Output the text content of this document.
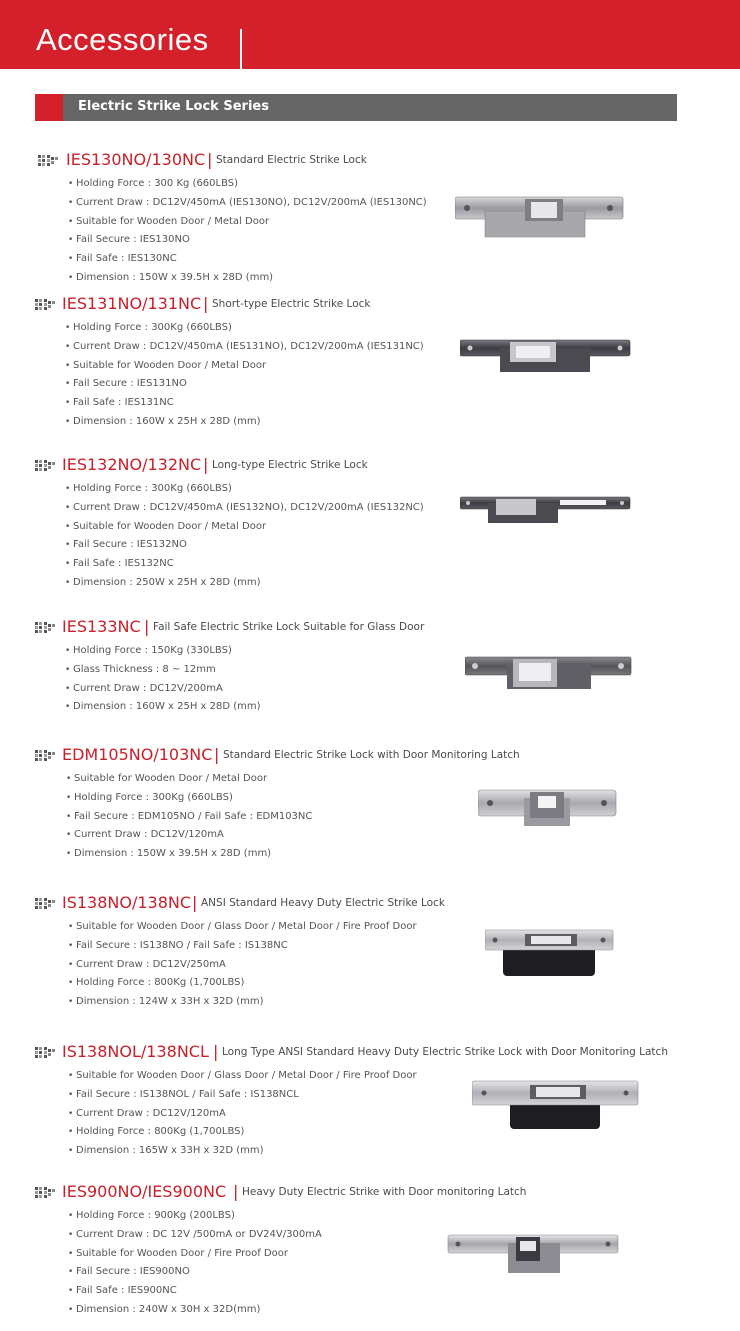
Accessories
Electric Strike Lock Series
IES130NO/130NC | Standard Electric Strike Lock
• Holding Force : 300 Kg (660LBS)
• Current Draw : DC12V/450mA (IES130NO), DC12V/200mA (IES130NC)
• Suitable for Wooden Door / Metal Door
• Fail Secure : IES130NO
• Fail Safe : IES130NC
• Dimension : 150W x 39.5H x 28D (mm)
IES131NO/131NC | Short-type Electric Strike Lock
• Holding Force : 300Kg (660LBS)
• Current Draw : DC12V/450mA (IES131NO), DC12V/200mA (IES131NC)
• Suitable for Wooden Door / Metal Door
• Fail Secure : IES131NO
• Fail Safe : IES131NC
• Dimension : 160W x 25H x 28D (mm)
IES132NO/132NC | Long-type Electric Strike Lock
• Holding Force : 300Kg (660LBS)
• Current Draw : DC12V/450mA (IES132NO), DC12V/200mA (IES132NC)
• Suitable for Wooden Door / Metal Door
• Fail Secure : IES132NO
• Fail Safe : IES132NC
• Dimension : 250W x 25H x 28D (mm)
IES133NC | Fail Safe Electric Strike Lock Suitable for Glass Door
• Holding Force : 150Kg (330LBS)
• Glass Thickness : 8 ~ 12mm
• Current Draw : DC12V/200mA
• Dimension : 160W x 25H x 28D (mm)
EDM105NO/103NC | Standard Electric Strike Lock with Door Monitoring Latch
• Suitable for Wooden Door / Metal Door
• Holding Force : 300Kg (660LBS)
• Fail Secure : EDM105NO / Fail Safe : EDM103NC
• Current Draw : DC12V/120mA
• Dimension : 150W x 39.5H x 28D (mm)
IS138NO/138NC | ANSI Standard Heavy Duty Electric Strike Lock
• Suitable for Wooden Door / Glass Door / Metal Door / Fire Proof Door
• Fail Secure : IS138NO / Fail Safe : IS138NC
• Current Draw : DC12V/250mA
• Holding Force : 800Kg (1,700LBS)
• Dimension : 124W x 33H x 32D (mm)
IS138NOL/138NCL | Long Type ANSI Standard Heavy Duty Electric Strike Lock with Door Monitoring Latch
• Suitable for Wooden Door / Glass Door / Metal Door / Fire Proof Door
• Fail Secure : IS138NOL / Fail Safe : IS138NCL
• Current Draw : DC12V/120mA
• Holding Force : 800Kg (1,700LBS)
• Dimension : 165W x 33H x 32D (mm)
IES900NO/IES900NC | Heavy Duty Electric Strike with Door monitoring Latch
• Holding Force : 900Kg (200LBS)
• Current Draw : DC 12V /500mA or DV24V/300mA
• Suitable for Wooden Door / Fire Proof Door
• Fail Secure : IES900NO
• Fail Safe : IES900NC
• Dimension : 240W x 30H x 32D(mm)
